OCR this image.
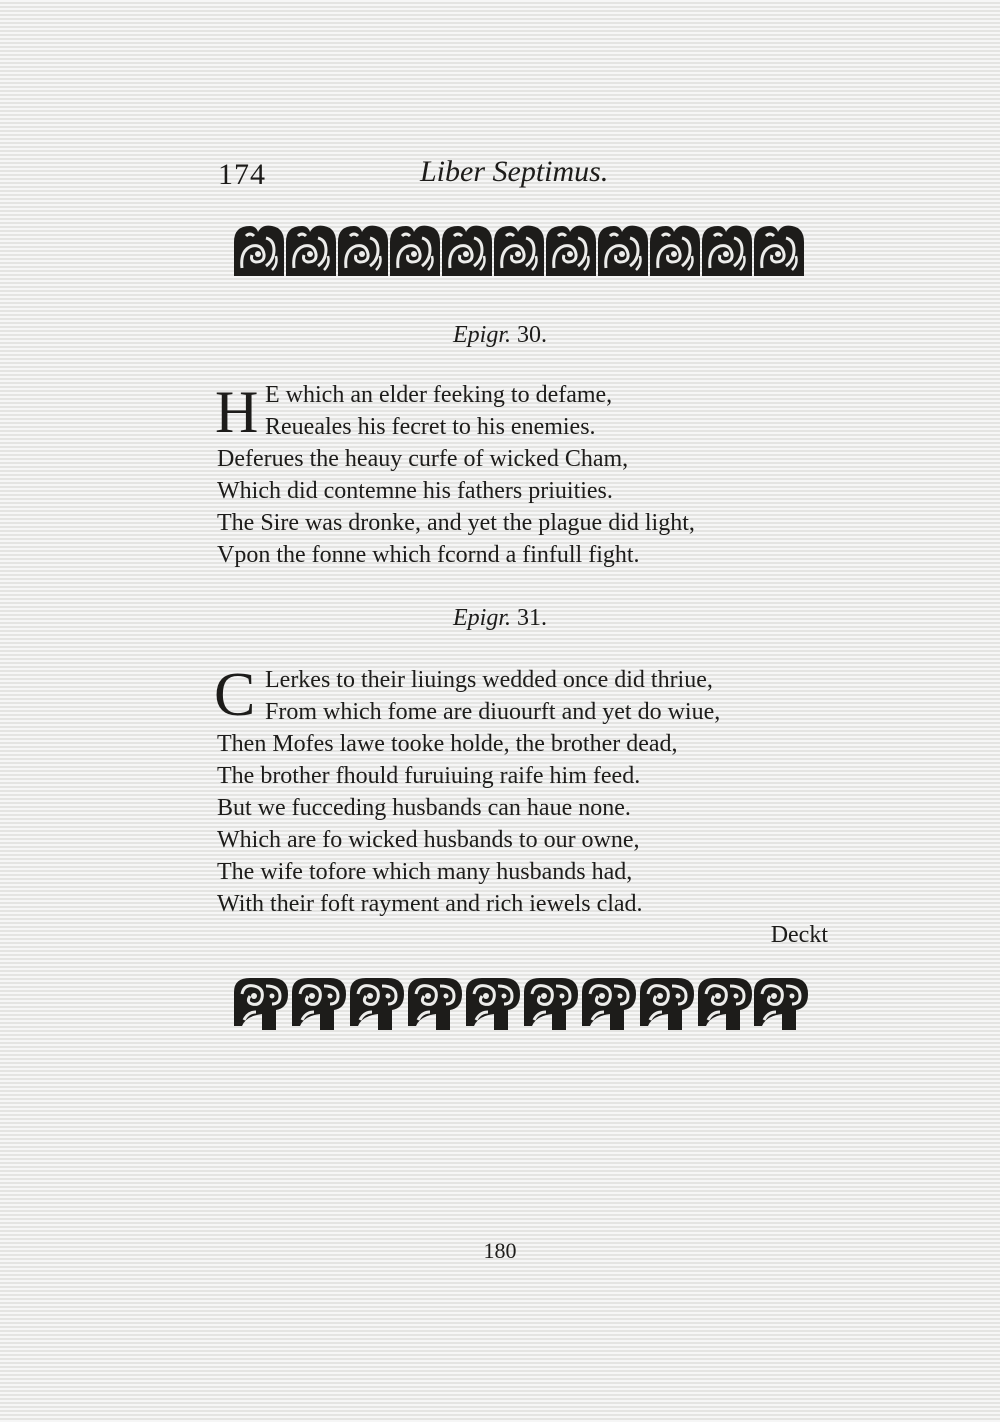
174	Liber Septimus.
Epigr. 30.
H E which an elder feeking to defame,
Reueales his fecret to his enemies.
Deferues the heauy curfe of wicked Cham,
Which did contemne his fathers priuities.
The Sire was dronke, and yet the plague did light,
Vpon the fonne which fcornd a finfull fight.
Epigr. 31.
C Lerkes to their liuings wedded once did thriue,
From which fome are diuourft and yet do wiue,
Then Mofes lawe tooke holde, the brother dead,
The brother fhould furuiuing raife him feed.
But we fucceding husbands can haue none.
Which are fo wicked husbands to our owne,
The wife tofore which many husbands had,
With their foft rayment and rich iewels clad.
Deckt
180
